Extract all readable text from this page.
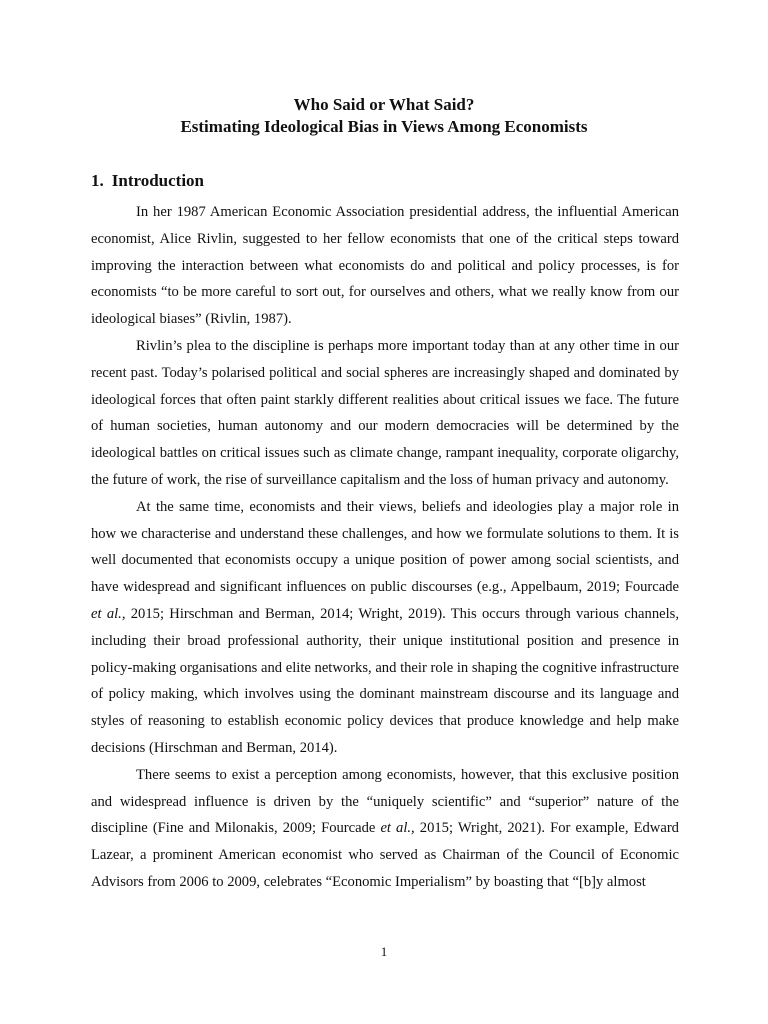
Who Said or What Said?
Estimating Ideological Bias in Views Among Economists
1. Introduction

In her 1987 American Economic Association presidential address, the influential American economist, Alice Rivlin, suggested to her fellow economists that one of the critical steps toward improving the interaction between what economists do and political and policy processes, is for economists “to be more careful to sort out, for ourselves and others, what we really know from our ideological biases” (Rivlin, 1987).

Rivlin’s plea to the discipline is perhaps more important today than at any other time in our recent past. Today’s polarised political and social spheres are increasingly shaped and dominated by ideological forces that often paint starkly different realities about critical issues we face. The future of human societies, human autonomy and our modern democracies will be determined by the ideological battles on critical issues such as climate change, rampant inequality, corporate oligarchy, the future of work, the rise of surveillance capitalism and the loss of human privacy and autonomy.

At the same time, economists and their views, beliefs and ideologies play a major role in how we characterise and understand these challenges, and how we formulate solutions to them. It is well documented that economists occupy a unique position of power among social scientists, and have widespread and significant influences on public discourses (e.g., Appelbaum, 2019; Fourcade et al., 2015; Hirschman and Berman, 2014; Wright, 2019). This occurs through various channels, including their broad professional authority, their unique institutional position and presence in policy-making organisations and elite networks, and their role in shaping the cognitive infrastructure of policy making, which involves using the dominant mainstream discourse and its language and styles of reasoning to establish economic policy devices that produce knowledge and help make decisions (Hirschman and Berman, 2014).

There seems to exist a perception among economists, however, that this exclusive position and widespread influence is driven by the “uniquely scientific” and “superior” nature of the discipline (Fine and Milonakis, 2009; Fourcade et al., 2015; Wright, 2021). For example, Edward Lazear, a prominent American economist who served as Chairman of the Council of Economic Advisors from 2006 to 2009, celebrates “Economic Imperialism” by boasting that “[b]y almost

1
